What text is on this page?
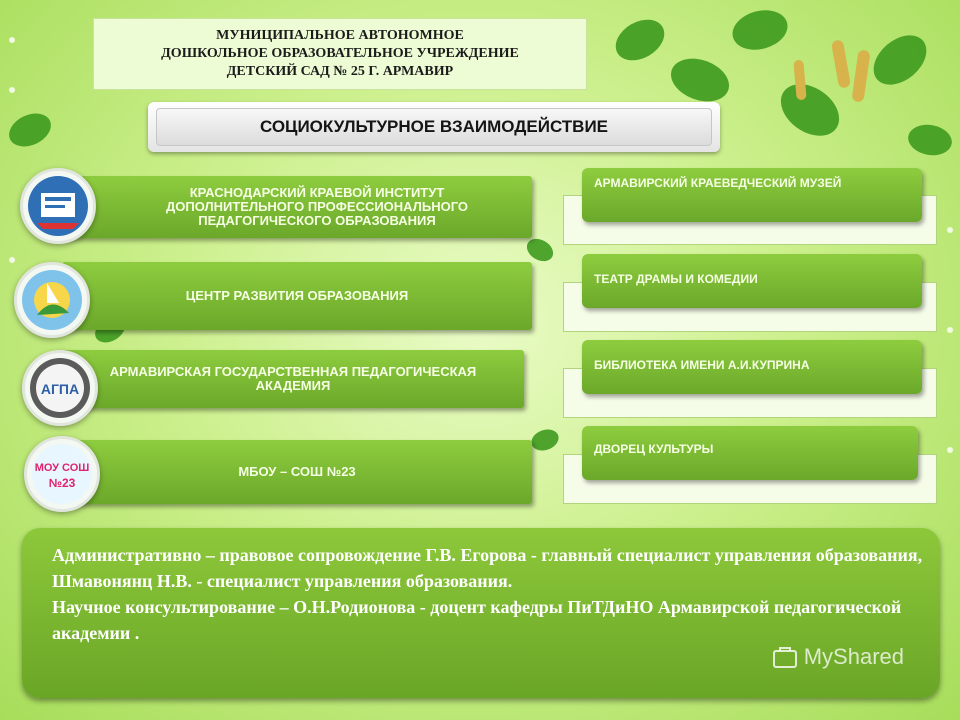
МУНИЦИПАЛЬНОЕ АВТОНОМНОЕ
ДОШКОЛЬНОЕ ОБРАЗОВАТЕЛЬНОЕ УЧРЕЖДЕНИЕ
ДЕТСКИЙ САД № 25 Г. АРМАВИР
СОЦИОКУЛЬТУРНОЕ ВЗАИМОДЕЙСТВИЕ
КРАСНОДАРСКИЙ КРАЕВОЙ ИНСТИТУТ ДОПОЛНИТЕЛЬНОГО ПРОФЕССИОНАЛЬНОГО ПЕДАГОГИЧЕСКОГО ОБРАЗОВАНИЯ
ЦЕНТР РАЗВИТИЯ ОБРАЗОВАНИЯ
АРМАВИРСКАЯ ГОСУДАРСТВЕННАЯ ПЕДАГОГИЧЕСКАЯ АКАДЕМИЯ
МБОУ – СОШ №23
АГПА
МОУ СОШ
№23
АРМАВИРСКИЙ КРАЕВЕДЧЕСКИЙ МУЗЕЙ
ТЕАТР ДРАМЫ И КОМЕДИИ
БИБЛИОТЕКА ИМЕНИ А.И.КУПРИНА
ДВОРЕЦ КУЛЬТУРЫ

Административно – правовое сопровождение Г.В. Егорова - главный специалист управления образования, Шмавонянц Н.В. - специалист управления образования.

Научное консультирование – О.Н.Родионова - доцент кафедры ПиТДиНО Армавирской педагогической академии .

MyShared
